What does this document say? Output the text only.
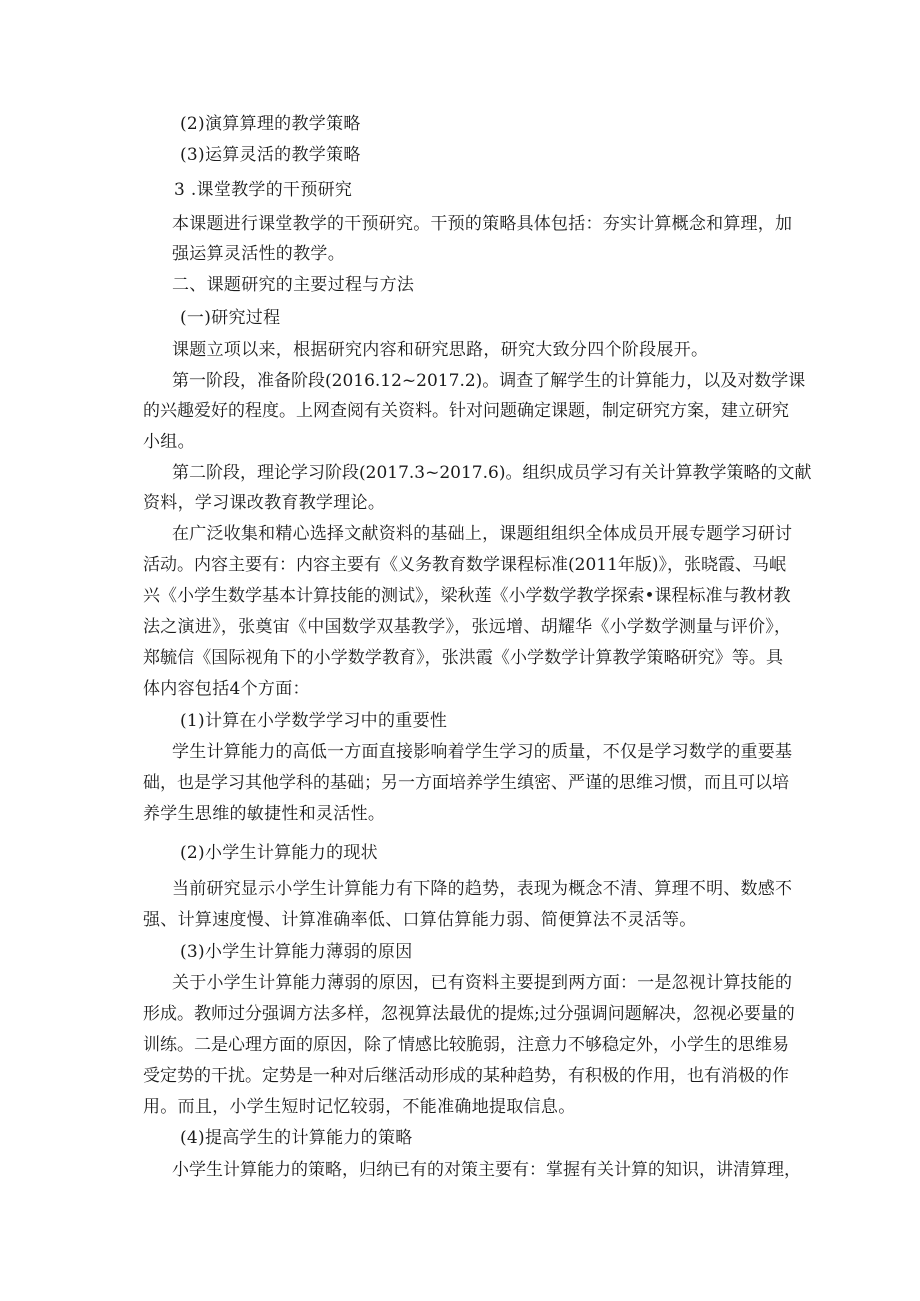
(2)演算算理的教学策略
(3)运算灵活的教学策略
3 .课堂教学的干预研究
本课题进行课堂教学的干预研究。干预的策略具体包括：夯实计算概念和算理，加
强运算灵活性的教学。
二、课题研究的主要过程与方法
(一)研究过程
课题立项以来，根据研究内容和研究思路，研究大致分四个阶段展开。
第一阶段，准备阶段(2016.12~2017.2)。调查了解学生的计算能力，以及对数学课
的兴趣爱好的程度。上网查阅有关资料。针对问题确定课题，制定研究方案，建立研究
小组。
第二阶段，理论学习阶段(2017.3~2017.6)。组织成员学习有关计算教学策略的文献
资料，学习课改教育教学理论。
在广泛收集和精心选择文献资料的基础上，课题组组织全体成员开展专题学习研讨
活动。内容主要有：内容主要有《义务教育数学课程标准(2011年版)》，张晓霞、马岷
兴《小学生数学基本计算技能的测试》，梁秋莲《小学数学教学探索•课程标准与教材教
法之演进》，张奠宙《中国数学双基教学》，张远增、胡耀华《小学数学测量与评价》，
郑毓信《国际视角下的小学数学教育》，张洪霞《小学数学计算教学策略研究》等。具
体内容包括4个方面：
(1)计算在小学数学学习中的重要性
学生计算能力的高低一方面直接影响着学生学习的质量，不仅是学习数学的重要基
础，也是学习其他学科的基础；另一方面培养学生缜密、严谨的思维习惯，而且可以培
养学生思维的敏捷性和灵活性。
(2)小学生计算能力的现状
当前研究显示小学生计算能力有下降的趋势，表现为概念不清、算理不明、数感不
强、计算速度慢、计算准确率低、口算估算能力弱、简便算法不灵活等。
(3)小学生计算能力薄弱的原因
关于小学生计算能力薄弱的原因，已有资料主要提到两方面：一是忽视计算技能的
形成。教师过分强调方法多样，忽视算法最优的提炼;过分强调问题解决，忽视必要量的
训练。二是心理方面的原因，除了情感比较脆弱，注意力不够稳定外，小学生的思维易
受定势的干扰。定势是一种对后继活动形成的某种趋势，有积极的作用，也有消极的作
用。而且，小学生短时记忆较弱，不能准确地提取信息。
(4)提高学生的计算能力的策略
小学生计算能力的策略，归纳已有的对策主要有：掌握有关计算的知识，讲清算理，
